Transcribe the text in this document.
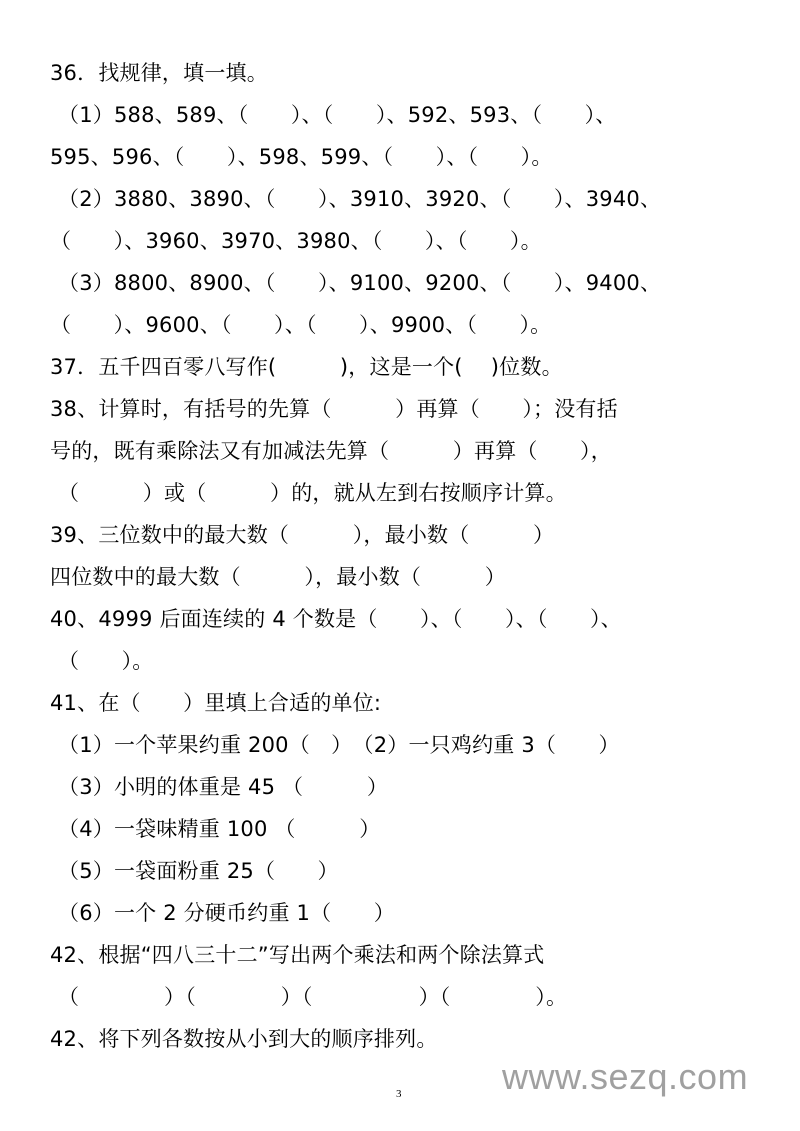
36．找规律，填一填。
（1）588、589、（　　）、（　　）、592、593、（　　）、
595、596、（　　）、598、599、（　　）、（　　）。
（2）3880、3890、（　　）、3910、3920、（　　）、3940、
（　　）、3960、3970、3980、（　　）、（　　）。
（3）8800、8900、（　　）、9100、9200、（　　）、9400、
（　　）、9600、（　　）、（　　）、9900、（　　）。
37．五千四百零八写作(　　　)，这是一个(　 )位数。
38、计算时，有括号的先算（　　　）再算（　　）；没有括
号的，既有乘除法又有加减法先算（　　　）再算（　　），
（　　　）或（　　　）的，就从左到右按顺序计算。
39、三位数中的最大数（　　　），最小数（　　　）
四位数中的最大数（　　　），最小数（　　　）
40、4999 后面连续的 4 个数是（　　）、（　　）、（　　）、
（　　）。
41、在（　　）里填上合适的单位:
（1）一个苹果约重 200（　）　（2）一只鸡约重 3（　　）
（3）小明的体重是 45 （　　　）
（4）一袋味精重 100 （　　　）
（5）一袋面粉重 25（　　）
（6）一个 2 分硬币约重 1（　　）
42、根据“四八三十二”写出两个乘法和两个除法算式
（　　　　）（　　　　）（　　　　　）（　　　　）。
42、将下列各数按从小到大的顺序排列。
3	www.sezq.com
